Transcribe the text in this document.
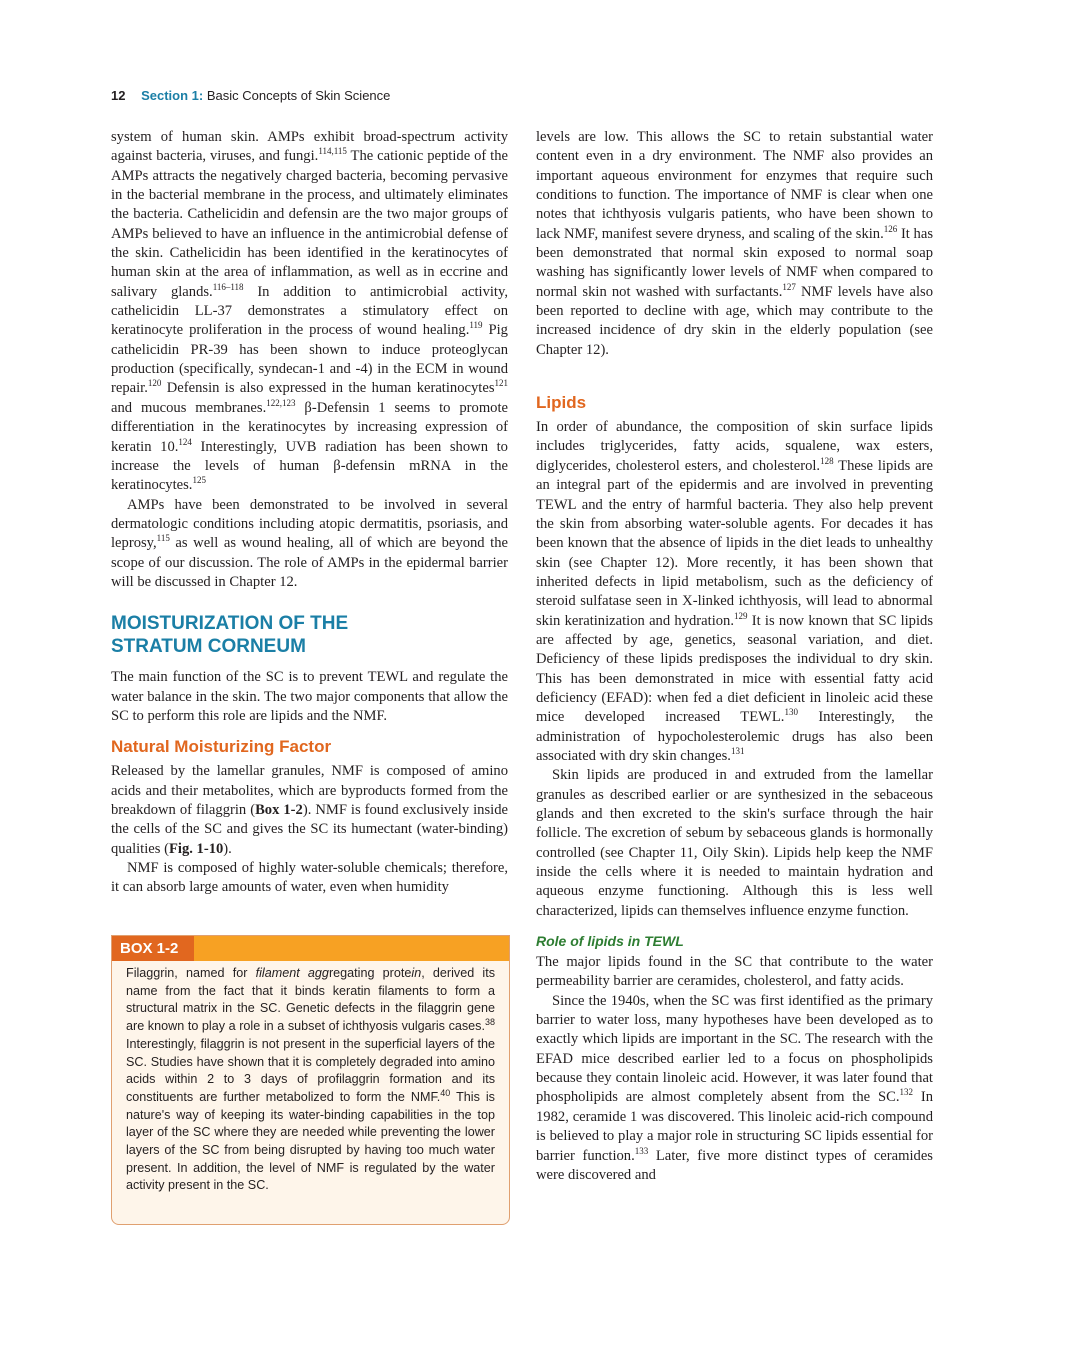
12 Section 1: Basic Concepts of Skin Science

system of human skin. AMPs exhibit broad-spectrum activity against bacteria, viruses, and fungi.$^{114,115}$ The cationic peptide of the AMPs attracts the negatively charged bacteria, becoming pervasive in the bacterial membrane in the process, and ultimately eliminates the bacteria. Cathelicidin and defensin are the two major groups of AMPs believed to have an influence in the antimicrobial defense of the skin. Cathelicidin has been identified in the keratinocytes of human skin at the area of inflammation, as well as in eccrine and salivary glands.$^{116-118}$ In addition to antimicrobial activity, cathelicidin LL-37 demonstrates a stimulatory effect on keratinocyte proliferation in the process of wound healing.$^{119}$ Pig cathelicidin PR-39 has been shown to induce proteoglycan production (specifically, syndecan-1 and -4) in the ECM in wound repair.$^{120}$ Defensin is also expressed in the human keratinocytes$^{121}$ and mucous membranes.$^{122,123}$ β-Defensin 1 seems to promote differentiation in the keratinocytes by increasing expression of keratin 10.$^{124}$ Interestingly, UVB radiation has been shown to increase the levels of human β-defensin mRNA in the keratinocytes.$^{125}$

AMPs have been demonstrated to be involved in several dermatologic conditions including atopic dermatitis, psoriasis, and leprosy,$^{115}$ as well as wound healing, all of which are beyond the scope of our discussion. The role of AMPs in the epidermal barrier will be discussed in Chapter 12.

MOISTURIZATION OF THE
STRATUM CORNEUM

The main function of the SC is to prevent TEWL and regulate the water balance in the skin. The two major components that allow the SC to perform this role are lipids and the NMF.

Natural Moisturizing Factor

Released by the lamellar granules, NMF is composed of amino acids and their metabolites, which are byproducts formed from the breakdown of filaggrin (Box 1-2). NMF is found exclusively inside the cells of the SC and gives the SC its humectant (water-binding) qualities (Fig. 1-10).

NMF is composed of highly water-soluble chemicals; therefore, it can absorb large amounts of water, even when humidity

BOX 1-2
Filaggrin, named for filament aggregating protein, derived its name from the fact that it binds keratin filaments to form a structural matrix in the SC. Genetic defects in the filaggrin gene are known to play a role in a subset of ichthyosis vulgaris cases.$^{38}$ Interestingly, filaggrin is not present in the superficial layers of the SC. Studies have shown that it is completely degraded into amino acids within 2 to 3 days of profilaggrin formation and its constituents are further metabolized to form the NMF.$^{40}$ This is nature's way of keeping its water-binding capabilities in the top layer of the SC where they are needed while preventing the lower layers of the SC from being disrupted by having too much water present. In addition, the level of NMF is regulated by the water activity present in the SC.

levels are low. This allows the SC to retain substantial water content even in a dry environment. The NMF also provides an important aqueous environment for enzymes that require such conditions to function. The importance of NMF is clear when one notes that ichthyosis vulgaris patients, who have been shown to lack NMF, manifest severe dryness, and scaling of the skin.$^{126}$ It has been demonstrated that normal skin exposed to normal soap washing has significantly lower levels of NMF when compared to normal skin not washed with surfactants.$^{127}$ NMF levels have also been reported to decline with age, which may contribute to the increased incidence of dry skin in the elderly population (see Chapter 12).

Lipids

In order of abundance, the composition of skin surface lipids includes triglycerides, fatty acids, squalene, wax esters, diglycerides, cholesterol esters, and cholesterol.$^{128}$ These lipids are an integral part of the epidermis and are involved in preventing TEWL and the entry of harmful bacteria. They also help prevent the skin from absorbing water-soluble agents. For decades it has been known that the absence of lipids in the diet leads to unhealthy skin (see Chapter 12). More recently, it has been shown that inherited defects in lipid metabolism, such as the deficiency of steroid sulfatase seen in X-linked ichthyosis, will lead to abnormal skin keratinization and hydration.$^{129}$ It is now known that SC lipids are affected by age, genetics, seasonal variation, and diet. Deficiency of these lipids predisposes the individual to dry skin. This has been demonstrated in mice with essential fatty acid deficiency (EFAD): when fed a diet deficient in linoleic acid these mice developed increased TEWL.$^{130}$ Interestingly, the administration of hypocholesterolemic drugs has also been associated with dry skin changes.$^{131}$

Skin lipids are produced in and extruded from the lamellar granules as described earlier or are synthesized in the sebaceous glands and then excreted to the skin's surface through the hair follicle. The excretion of sebum by sebaceous glands is hormonally controlled (see Chapter 11, Oily Skin). Lipids help keep the NMF inside the cells where it is needed to maintain hydration and aqueous enzyme functioning. Although this is less well characterized, lipids can themselves influence enzyme function.

Role of lipids in TEWL

The major lipids found in the SC that contribute to the water permeability barrier are ceramides, cholesterol, and fatty acids.

Since the 1940s, when the SC was first identified as the primary barrier to water loss, many hypotheses have been developed as to exactly which lipids are important in the SC. The research with the EFAD mice described earlier led to a focus on phospholipids because they contain linoleic acid. However, it was later found that phospholipids are almost completely absent from the SC.$^{132}$ In 1982, ceramide 1 was discovered. This linoleic acid-rich compound is believed to play a major role in structuring SC lipids essential for barrier function.$^{133}$ Later, five more distinct types of ceramides were discovered and
